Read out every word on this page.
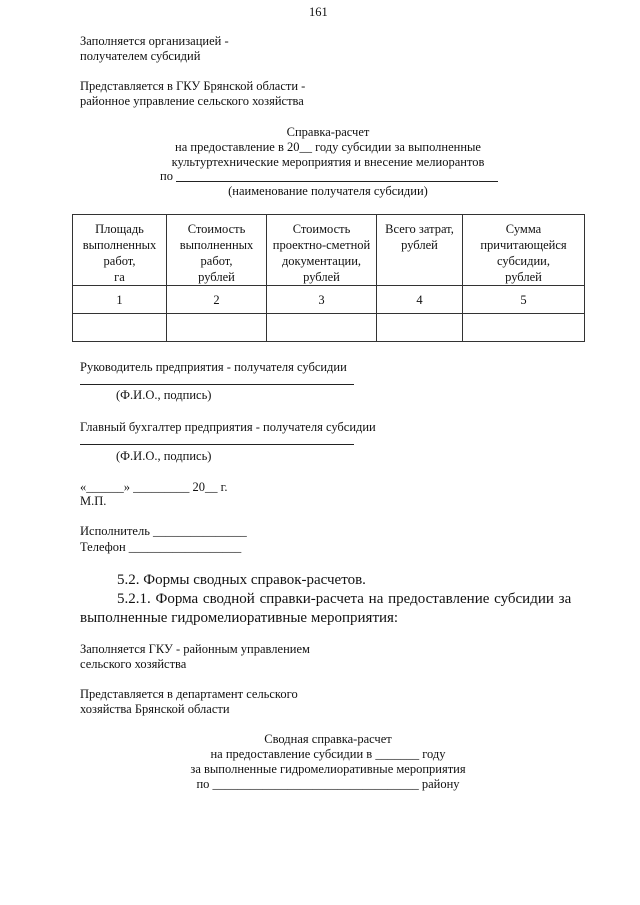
161
Заполняется организацией -
получателем субсидий
Представляется в ГКУ Брянской области -
районное управление сельского хозяйства
Справка-расчет
на предоставление в 20__ году субсидии за выполненные
культуртехнические мероприятия и внесение мелиорантов
по
(наименование получателя субсидии)
Площадь
выполненных
работ,
га	Стоимость
выполненных
работ,
рублей	Стоимость
проектно-сметной
документации,
рублей	Всего затрат,
рублей	Сумма
причитающейся
субсидии,
рублей

1	2	3	4	5

Руководитель предприятия - получателя субсидии
(Ф.И.О., подпись)
Главный бухгалтер предприятия - получателя субсидии
(Ф.И.О., подпись)
«______» _________ 20__ г.
М.П.
Исполнитель _______________
Телефон __________________
5.2. Формы сводных справок-расчетов.
5.2.1. Форма сводной справки-расчета на предоставление субсидии за
выполненные гидромелиоративные мероприятия:
Заполняется ГКУ - районным управлением
сельского хозяйства
Представляется в департамент сельского
хозяйства Брянской области
Сводная справка-расчет
на предоставление субсидии в _______ году
за выполненные гидромелиоративные мероприятия
по _________________________________ району
